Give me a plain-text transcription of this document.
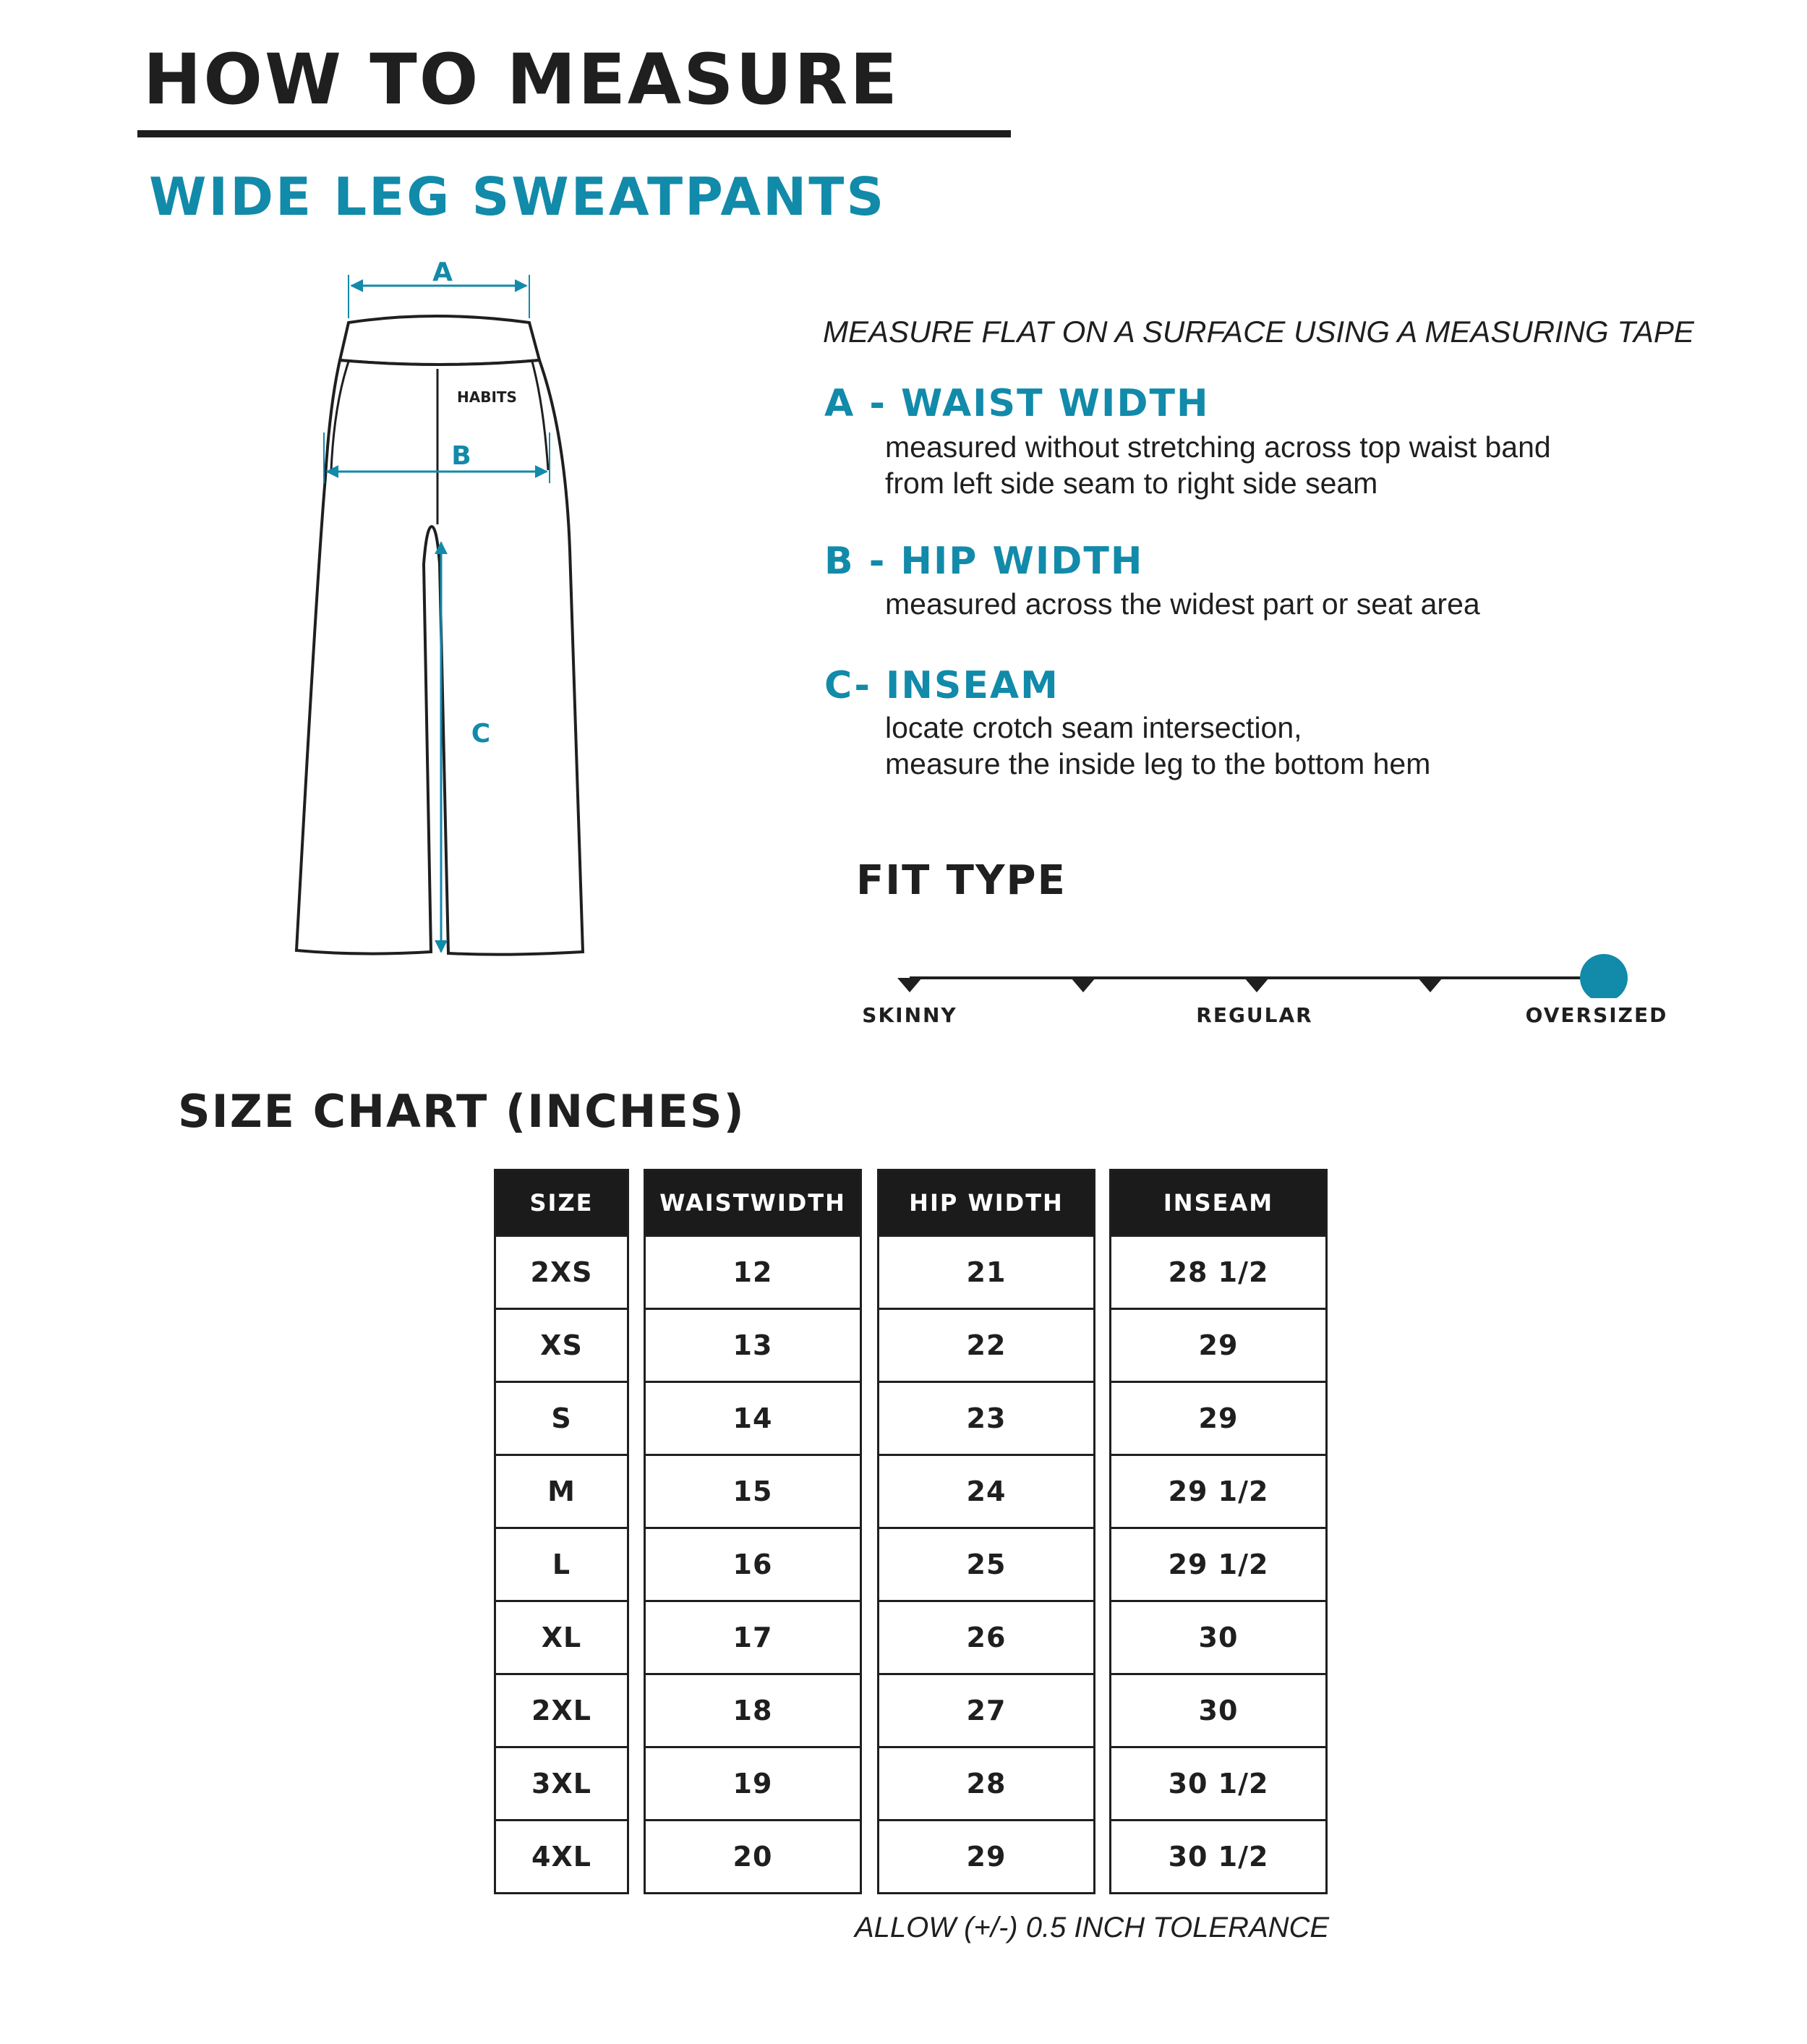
HOW TO MEASURE
WIDE LEG SWEATPANTS
A
B
C
HABITS

MEASURE FLAT ON A SURFACE USING A MEASURING TAPE

A - WAIST WIDTH

measured without stretching across top waist band

from left side seam to right side seam

B - HIP WIDTH

measured across the widest part or seat area

C- INSEAM

locate crotch seam intersection,

measure the inside leg to the bottom hem

FIT TYPE

SKINNY	REGULAR	OVERSIZED

SIZE CHART (INCHES)
SIZE
2XS
XS
S
M
L
XL
2XL
3XL
4XL
WAIST WIDTH
12
13
14
15
16
17
18
19
20
HIP WIDTH
21
22
23
24
25
26
27
28
29
INSEAM
28 1/2
29
29
29 1/2
29 1/2
30
30
30 1/2
30 1/2

ALLOW (+/-) 0.5 INCH TOLERANCE
